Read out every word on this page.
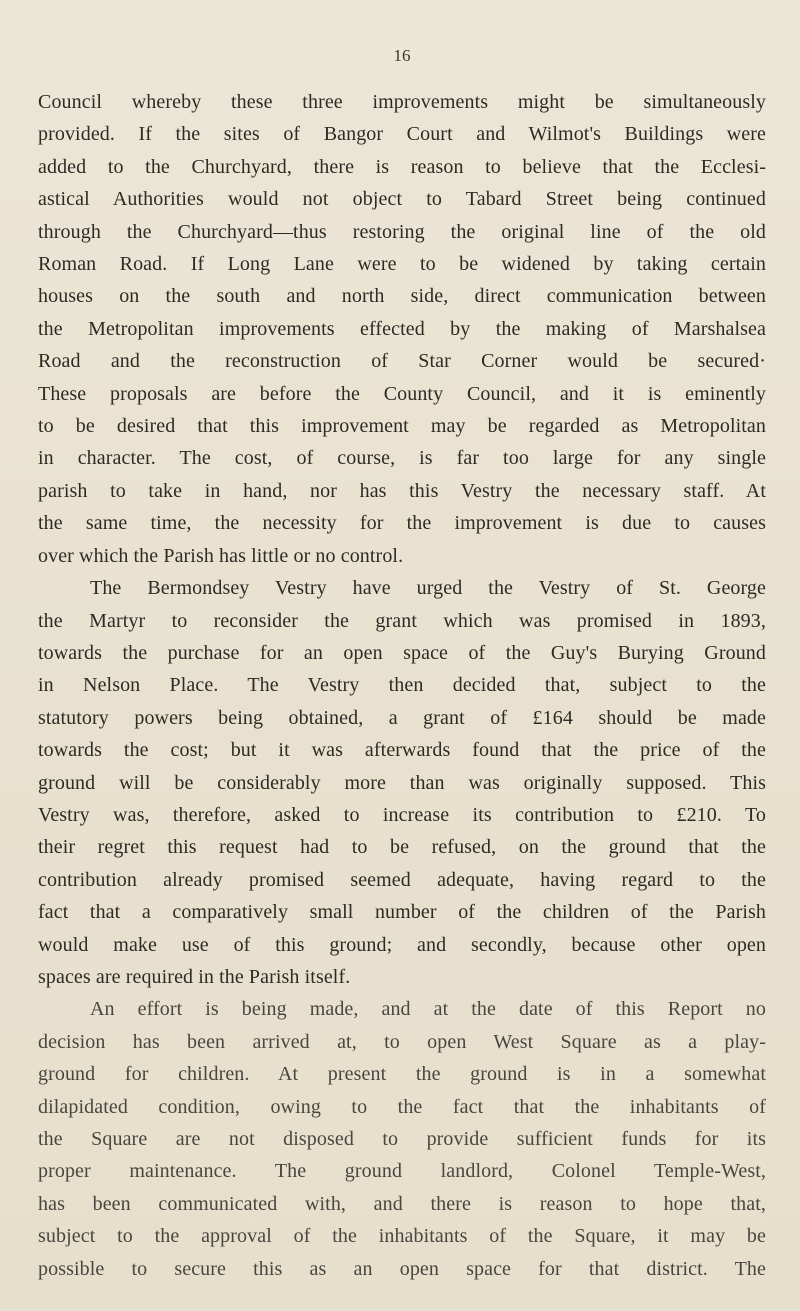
16
Council whereby these three improvements might be simultaneously
provided. If the sites of Bangor Court and Wilmot's Buildings were
added to the Churchyard, there is reason to believe that the Ecclesi-
astical Authorities would not object to Tabard Street being continued
through the Churchyard—thus restoring the original line of the old
Roman Road. If Long Lane were to be widened by taking certain
houses on the south and north side, direct communication between
the Metropolitan improvements effected by the making of Marshalsea
Road and the reconstruction of Star Corner would be secured·
These proposals are before the County Council, and it is eminently
to be desired that this improvement may be regarded as Metropolitan
in character. The cost, of course, is far too large for any single
parish to take in hand, nor has this Vestry the necessary staff. At
the same time, the necessity for the improvement is due to causes
over which the Parish has little or no control.
The Bermondsey Vestry have urged the Vestry of St. George
the Martyr to reconsider the grant which was promised in 1893,
towards the purchase for an open space of the Guy's Burying Ground
in Nelson Place. The Vestry then decided that, subject to the
statutory powers being obtained, a grant of £164 should be made
towards the cost; but it was afterwards found that the price of the
ground will be considerably more than was originally supposed. This
Vestry was, therefore, asked to increase its contribution to £210. To
their regret this request had to be refused, on the ground that the
contribution already promised seemed adequate, having regard to the
fact that a comparatively small number of the children of the Parish
would make use of this ground; and secondly, because other open
spaces are required in the Parish itself.
An effort is being made, and at the date of this Report no
decision has been arrived at, to open West Square as a play-
ground for children. At present the ground is in a somewhat
dilapidated condition, owing to the fact that the inhabitants of
the Square are not disposed to provide sufficient funds for its
proper maintenance. The ground landlord, Colonel Temple-West,
has been communicated with, and there is reason to hope that,
subject to the approval of the inhabitants of the Square, it may be
possible to secure this as an open space for that district. The
